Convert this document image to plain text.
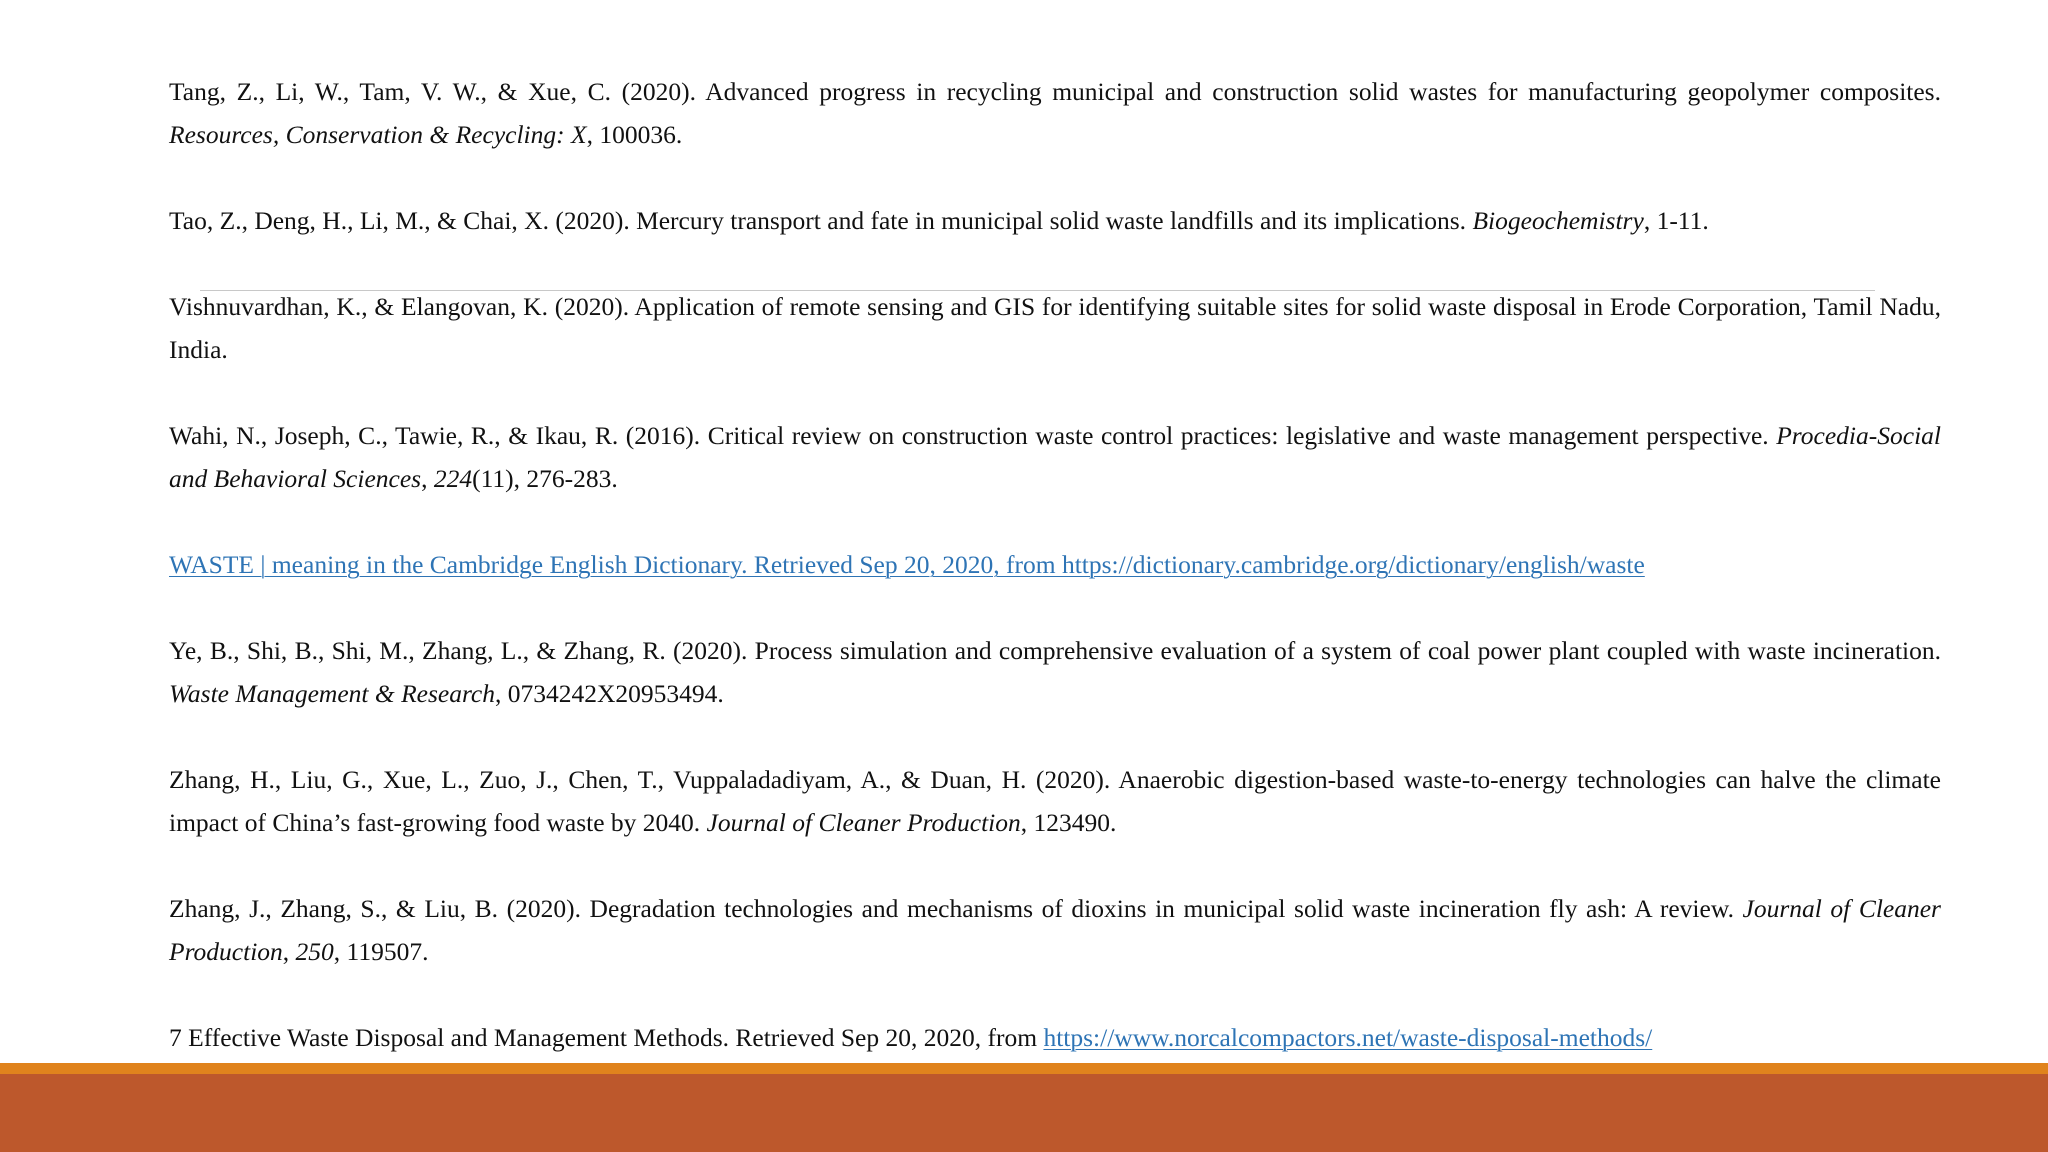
Tang, Z., Li, W., Tam, V. W., & Xue, C. (2020). Advanced progress in recycling municipal and construction solid wastes for manufacturing geopolymer composites. Resources, Conservation & Recycling: X, 100036.

Tao, Z., Deng, H., Li, M., & Chai, X. (2020). Mercury transport and fate in municipal solid waste landfills and its implications. Biogeochemistry, 1-11.

Vishnuvardhan, K., & Elangovan, K. (2020). Application of remote sensing and GIS for identifying suitable sites for solid waste disposal in Erode Corporation, Tamil Nadu, India.

Wahi, N., Joseph, C., Tawie, R., & Ikau, R. (2016). Critical review on construction waste control practices: legislative and waste management perspective. Procedia-Social and Behavioral Sciences, 224(11), 276-283.

WASTE | meaning in the Cambridge English Dictionary. Retrieved Sep 20, 2020, from https://dictionary.cambridge.org/dictionary/english/waste

Ye, B., Shi, B., Shi, M., Zhang, L., & Zhang, R. (2020). Process simulation and comprehensive evaluation of a system of coal power plant coupled with waste incineration. Waste Management & Research, 0734242X20953494.

Zhang, H., Liu, G., Xue, L., Zuo, J., Chen, T., Vuppaladadiyam, A., & Duan, H. (2020). Anaerobic digestion-based waste-to-energy technologies can halve the climate impact of China’s fast-growing food waste by 2040. Journal of Cleaner Production, 123490.

Zhang, J., Zhang, S., & Liu, B. (2020). Degradation technologies and mechanisms of dioxins in municipal solid waste incineration fly ash: A review. Journal of Cleaner Production, 250, 119507.

7 Effective Waste Disposal and Management Methods. Retrieved Sep 20, 2020, from https://www.norcalcompactors.net/waste-disposal-methods/
